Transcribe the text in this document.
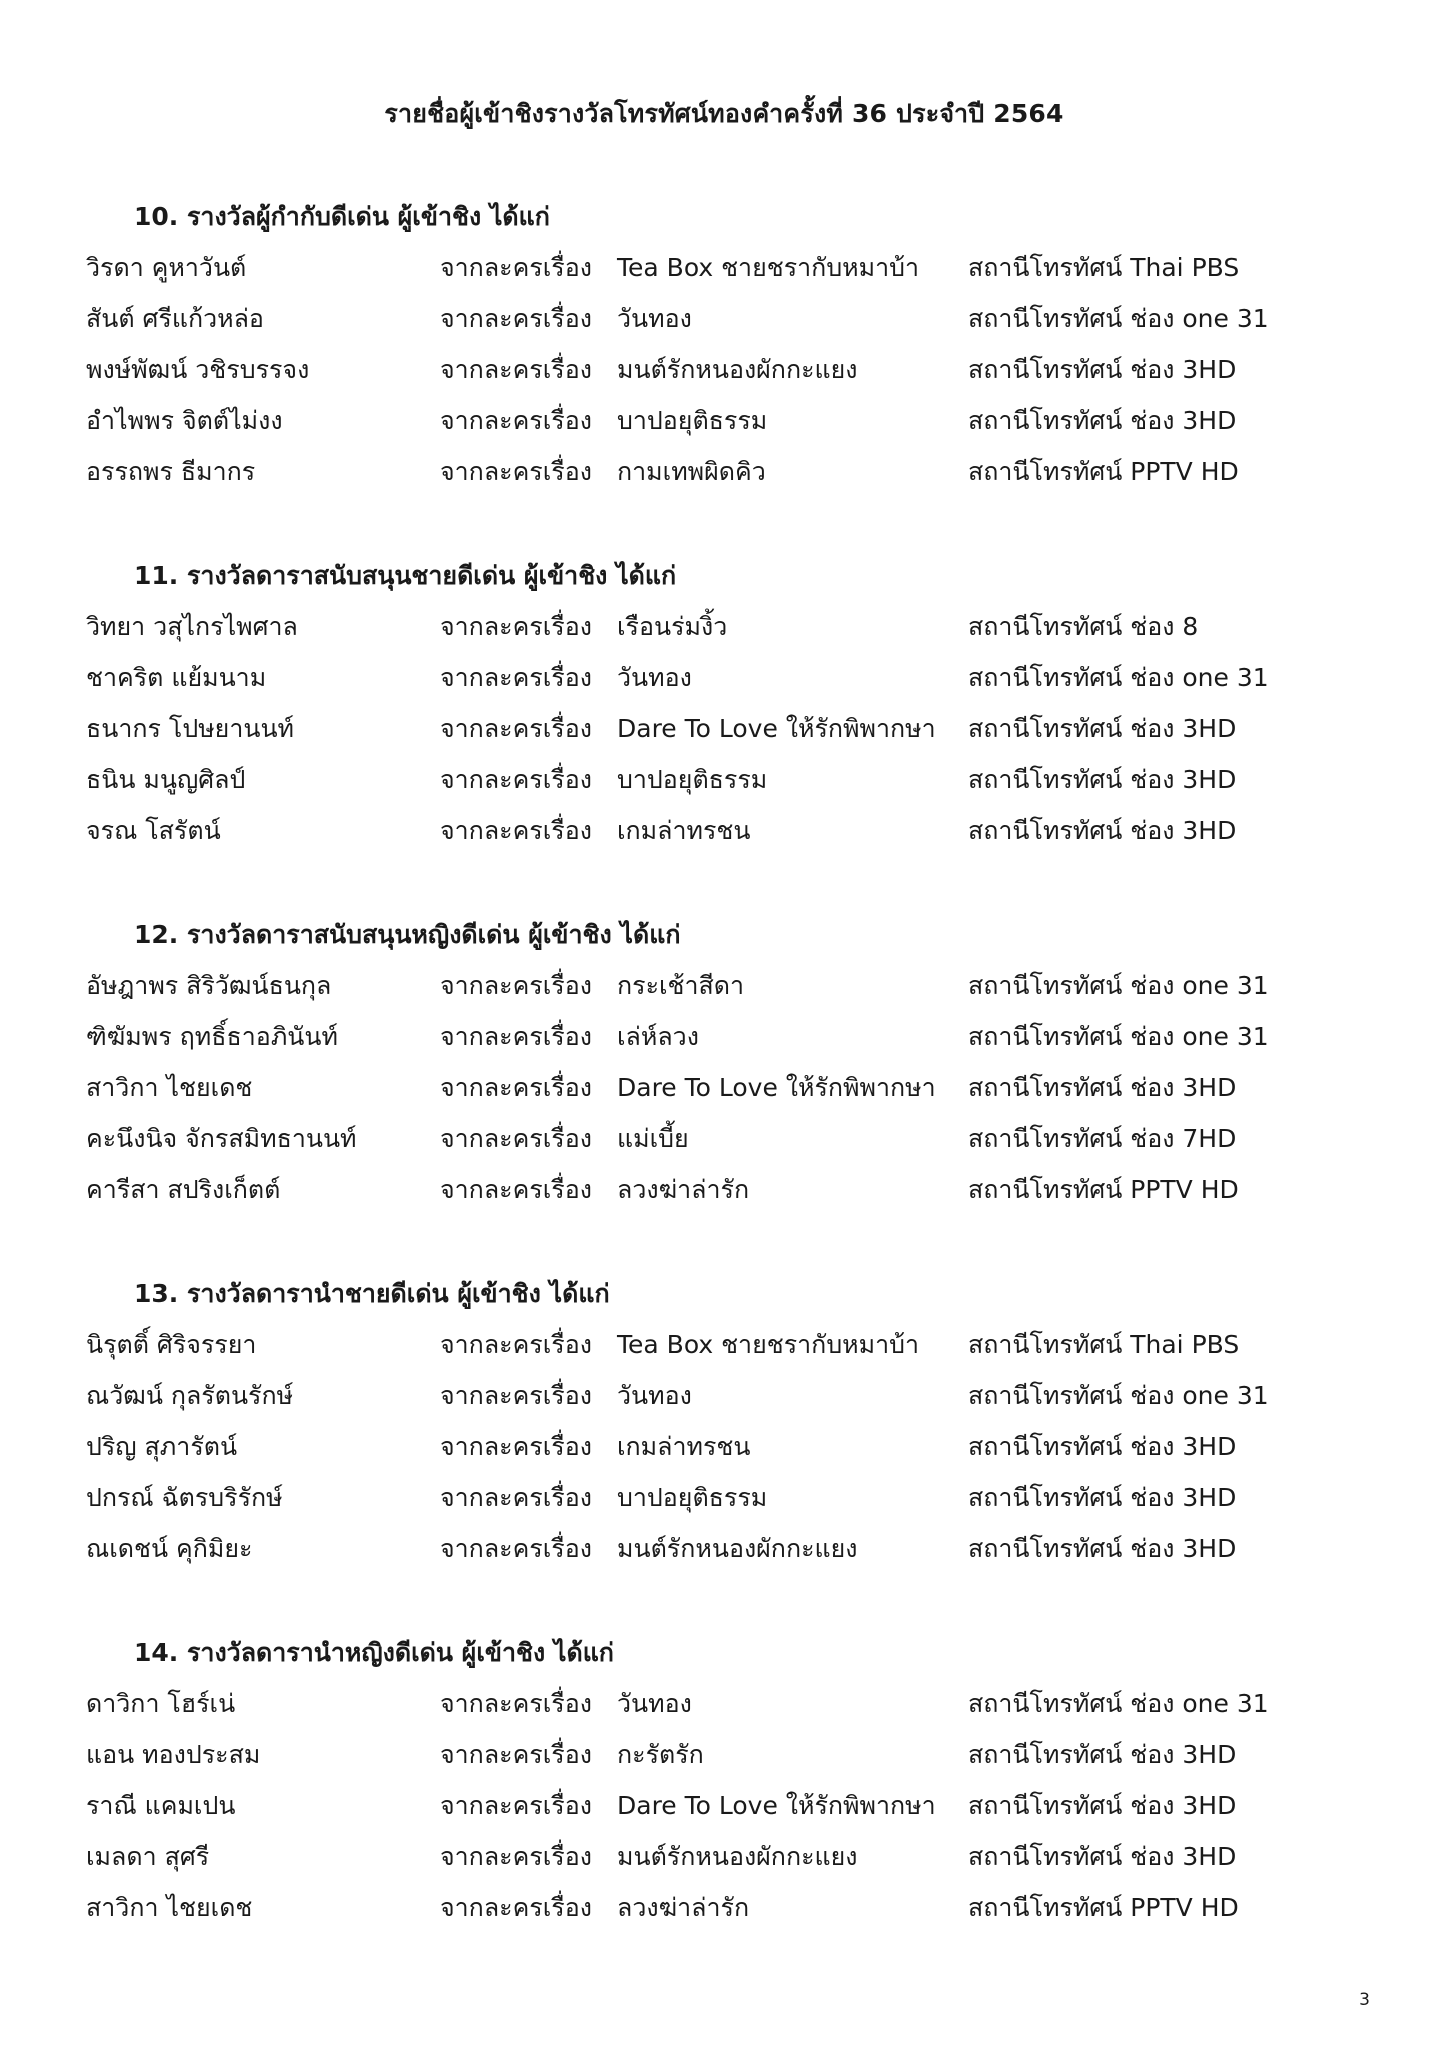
รายชื่อผู้เข้าชิงรางวัลโทรทัศน์ทองคำครั้งที่ 36 ประจำปี 2564
10. รางวัลผู้กำกับดีเด่น ผู้เข้าชิง ได้แก่
วิรดา คูหาวันต์	จากละครเรื่อง Tea Box ชายชรากับหมาบ้า สถานีโทรทัศน์ Thai PBS
สันต์ ศรีแก้วหล่อ	จากละครเรื่อง วันทอง	สถานีโทรทัศน์ ช่อง one 31
พงษ์พัฒน์ วชิรบรรจง	จากละครเรื่อง มนต์รักหนองผักกะแยง	สถานีโทรทัศน์ ช่อง 3HD
อำไพพร จิตต์ไม่งง	จากละครเรื่อง บาปอยุติธรรม	สถานีโทรทัศน์ ช่อง 3HD
อรรถพร ธีมากร	จากละครเรื่อง กามเทพผิดคิว	สถานีโทรทัศน์ PPTV HD
11. รางวัลดาราสนับสนุนชายดีเด่น ผู้เข้าชิง ได้แก่
วิทยา วสุไกรไพศาล	จากละครเรื่อง เรือนร่มงิ้ว	สถานีโทรทัศน์ ช่อง 8
ชาคริต แย้มนาม	จากละครเรื่อง วันทอง	สถานีโทรทัศน์ ช่อง one 31
ธนากร โปษยานนท์	จากละครเรื่อง Dare To Love ให้รักพิพากษา สถานีโทรทัศน์ ช่อง 3HD
ธนิน มนูญศิลป์	จากละครเรื่อง บาปอยุติธรรม	สถานีโทรทัศน์ ช่อง 3HD
จรณ โสรัตน์	จากละครเรื่อง เกมล่าทรชน	สถานีโทรทัศน์ ช่อง 3HD
12. รางวัลดาราสนับสนุนหญิงดีเด่น ผู้เข้าชิง ได้แก่
อัษฎาพร สิริวัฒน์ธนกุล	จากละครเรื่อง กระเช้าสีดา	สถานีโทรทัศน์ ช่อง one 31
ฑิฆัมพร ฤทธิ์ธาอภินันท์	จากละครเรื่อง เล่ห์ลวง	สถานีโทรทัศน์ ช่อง one 31
สาวิกา ไชยเดช	จากละครเรื่อง Dare To Love ให้รักพิพากษา สถานีโทรทัศน์ ช่อง 3HD
คะนึงนิจ จักรสมิทธานนท์	จากละครเรื่อง แม่เบี้ย	สถานีโทรทัศน์ ช่อง 7HD
คารีสา สปริงเก็ตต์	จากละครเรื่อง ลวงฆ่าล่ารัก	สถานีโทรทัศน์ PPTV HD
13. รางวัลดารานำชายดีเด่น ผู้เข้าชิง ได้แก่
นิรุตติ์ ศิริจรรยา	จากละครเรื่อง Tea Box ชายชรากับหมาบ้า สถานีโทรทัศน์ Thai PBS
ณวัฒน์ กุลรัตนรักษ์	จากละครเรื่อง วันทอง	สถานีโทรทัศน์ ช่อง one 31
ปริญ สุภารัตน์	จากละครเรื่อง เกมล่าทรชน	สถานีโทรทัศน์ ช่อง 3HD
ปกรณ์ ฉัตรบริรักษ์	จากละครเรื่อง บาปอยุติธรรม	สถานีโทรทัศน์ ช่อง 3HD
ณเดชน์ คุกิมิยะ	จากละครเรื่อง มนต์รักหนองผักกะแยง	สถานีโทรทัศน์ ช่อง 3HD
14. รางวัลดารานำหญิงดีเด่น ผู้เข้าชิง ได้แก่
ดาวิกา โฮร์เน่	จากละครเรื่อง วันทอง	สถานีโทรทัศน์ ช่อง one 31
แอน ทองประสม	จากละครเรื่อง กะรัตรัก	สถานีโทรทัศน์ ช่อง 3HD
ราณี แคมเปน	จากละครเรื่อง Dare To Love ให้รักพิพากษา สถานีโทรทัศน์ ช่อง 3HD
เมลดา สุศรี	จากละครเรื่อง มนต์รักหนองผักกะแยง	สถานีโทรทัศน์ ช่อง 3HD
สาวิกา ไชยเดช	จากละครเรื่อง ลวงฆ่าล่ารัก	สถานีโทรทัศน์ PPTV HD
3
